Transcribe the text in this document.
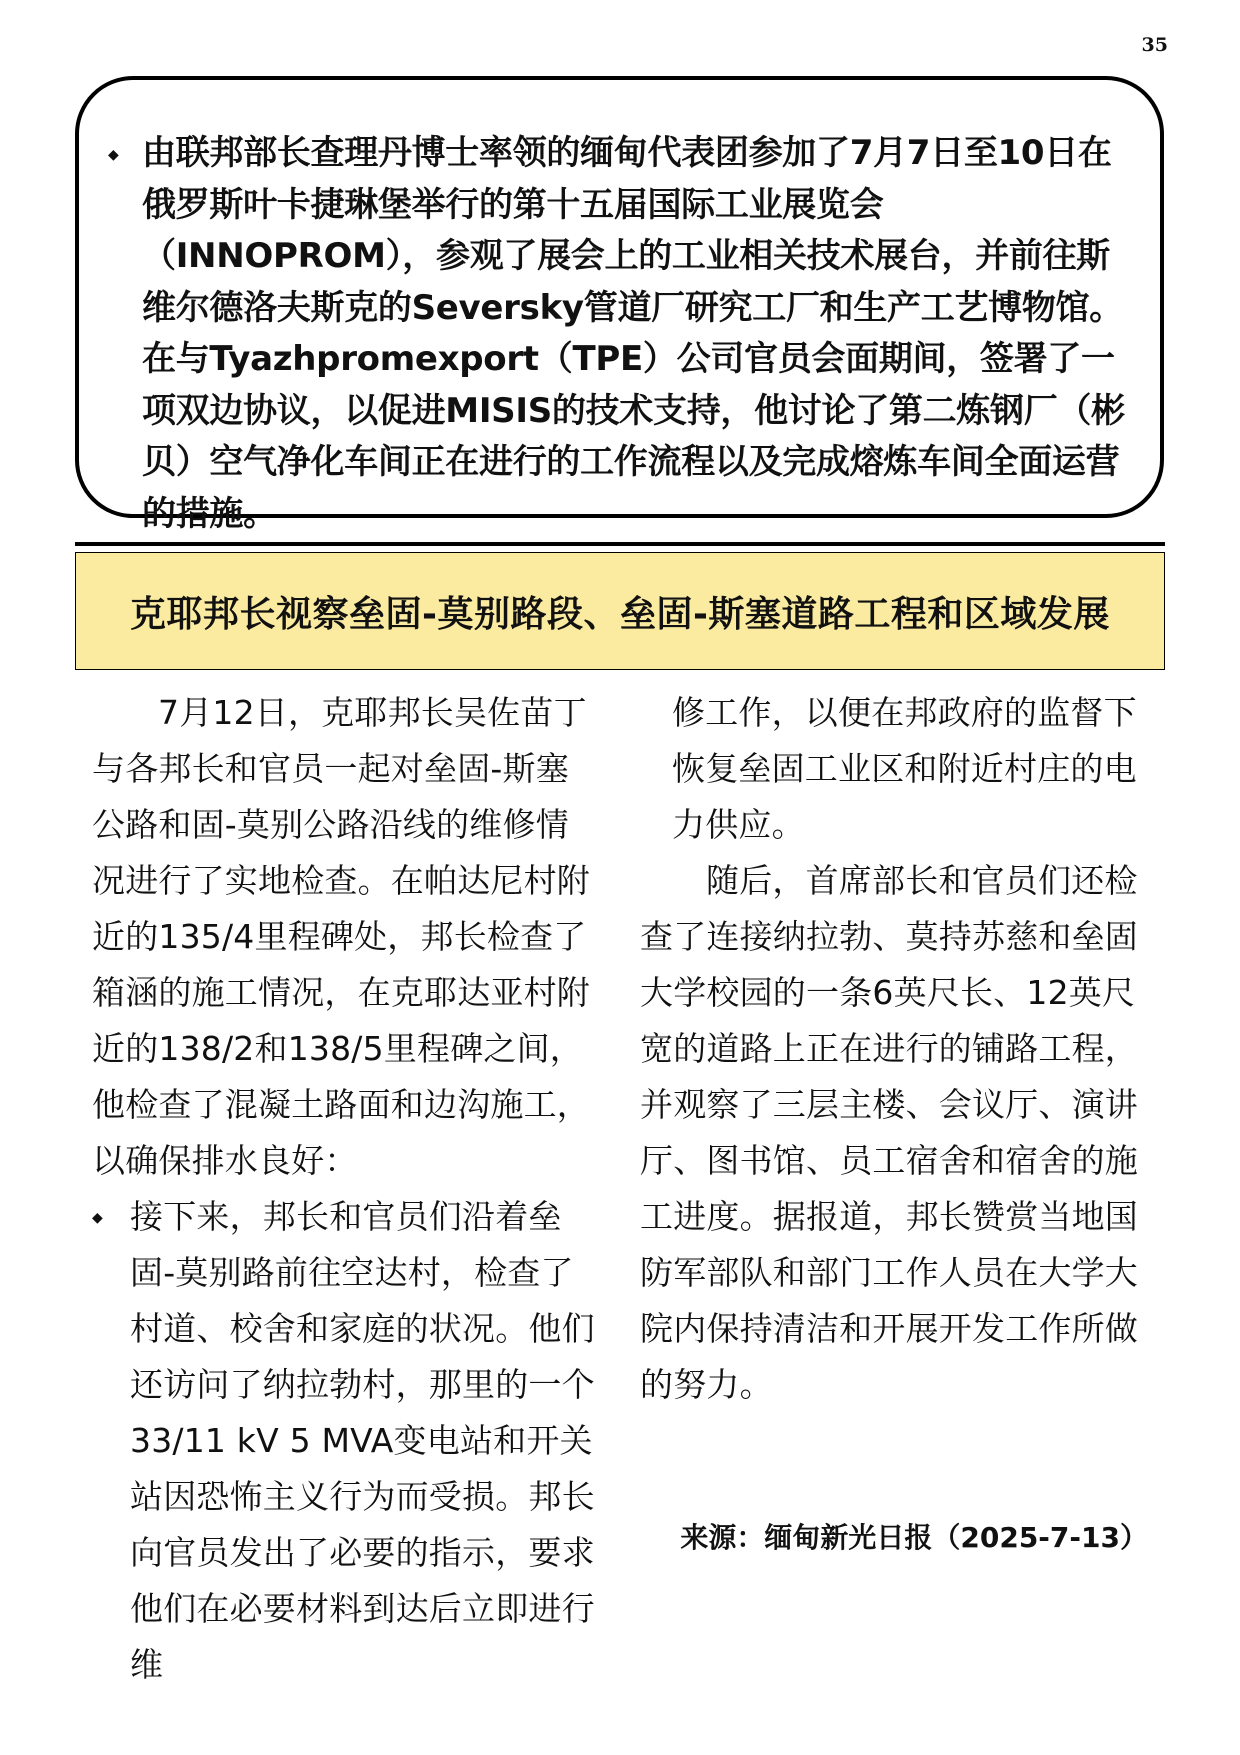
35
◆ 由联邦部长查理丹博士率领的缅甸代表团参加了7月7日至10日在俄罗斯叶卡捷琳堡举行的第十五届国际工业展览会（INNOPROM），参观了展会上的工业相关技术展台，并前往斯维尔德洛夫斯克的Seversky管道厂研究工厂和生产工艺博物馆。在与Tyazhpromexport（TPE）公司官员会面期间，签署了一项双边协议，以促进MISIS的技术支持，他讨论了第二炼钢厂（彬贝）空气净化车间正在进行的工作流程以及完成熔炼车间全面运营的措施。

克耶邦长视察垒固-莫别路段、垒固-斯塞道路工程和区域发展

7月12日，克耶邦长吴佐苗丁与各邦长和官员一起对垒固-斯塞公路和固-莫别公路沿线的维修情况进行了实地检查。在帕达尼村附近的135/4里程碑处，邦长检查了箱涵的施工情况，在克耶达亚村附近的138/2和138/5里程碑之间，他检查了混凝土路面和边沟施工，以确保排水良好：

◆ 接下来，邦长和官员们沿着垒固-莫别路前往空达村，检查了村道、校舍和家庭的状况。他们还访问了纳拉勃村，那里的一个33/11 kV 5 MVA变电站和开关站因恐怖主义行为而受损。邦长向官员发出了必要的指示，要求他们在必要材料到达后立即进行维

修工作，以便在邦政府的监督下恢复垒固工业区和附近村庄的电力供应。

随后，首席部长和官员们还检查了连接纳拉勃、莫持苏慈和垒固大学校园的一条6英尺长、12英尺宽的道路上正在进行的铺路工程，并观察了三层主楼、会议厅、演讲厅、图书馆、员工宿舍和宿舍的施工进度。据报道，邦长赞赏当地国防军部队和部门工作人员在大学大院内保持清洁和开展开发工作所做的努力。

来源：缅甸新光日报（2025-7-13）
